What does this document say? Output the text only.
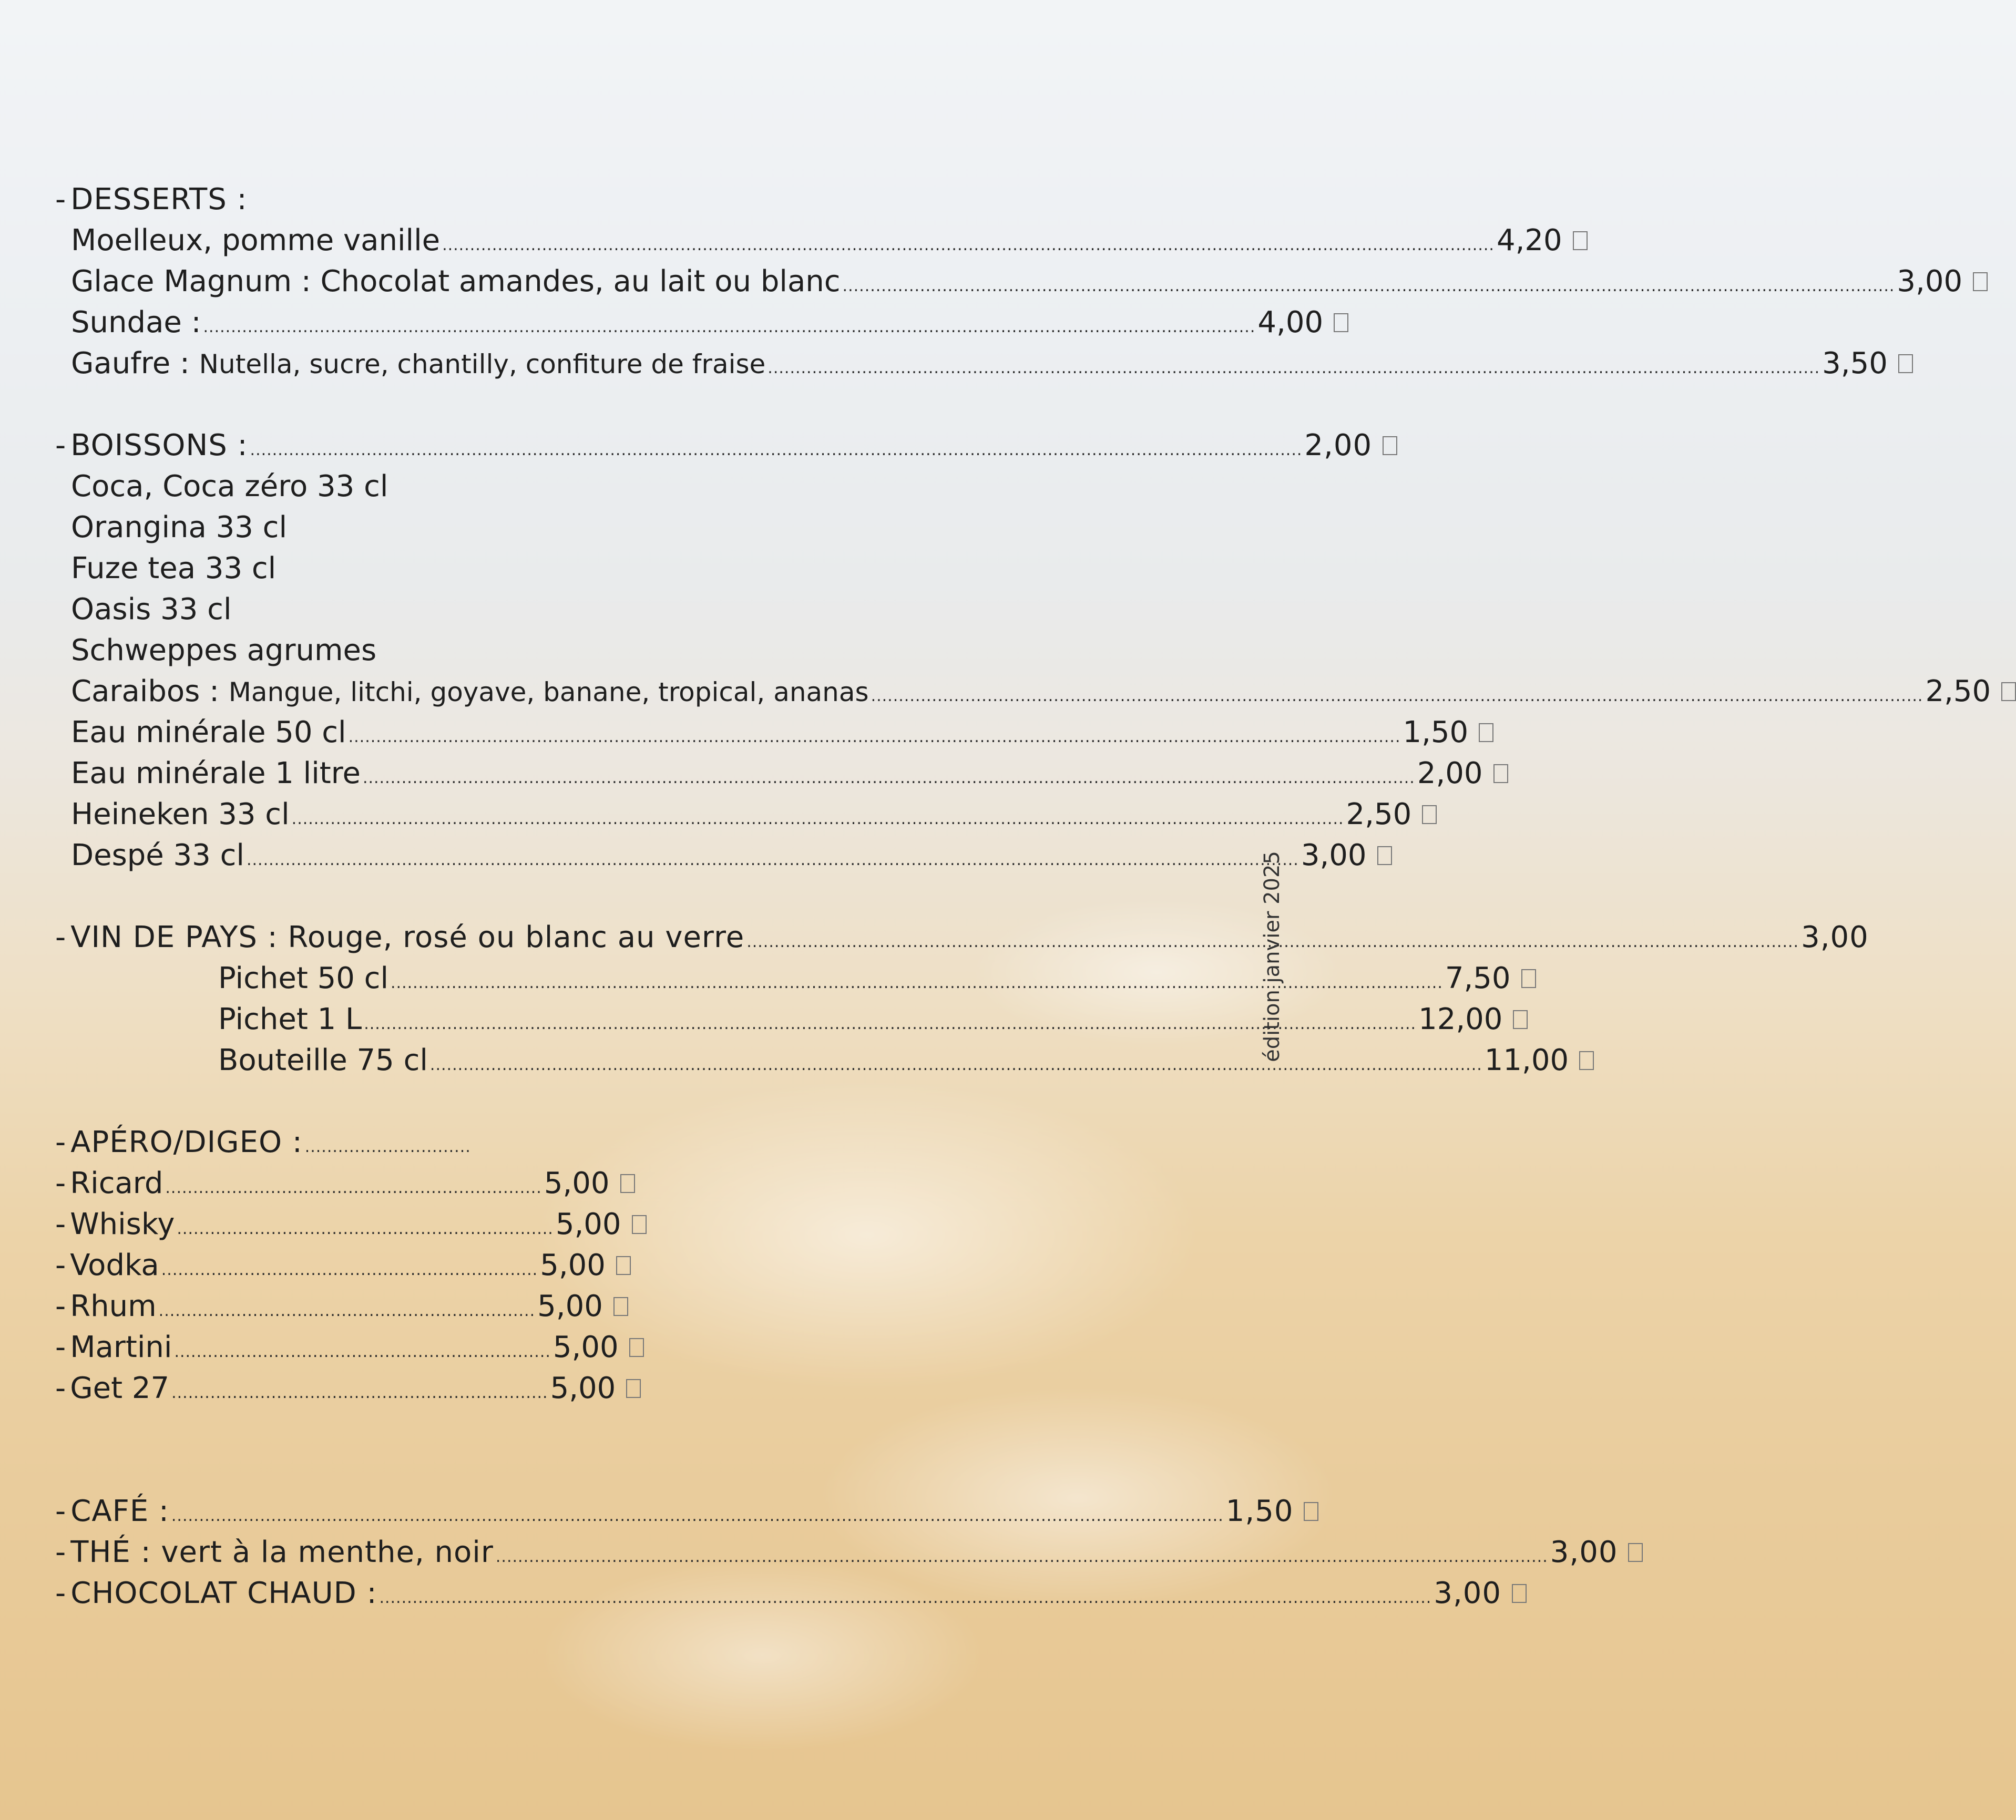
- DESSERTS :
Moelleux, pomme vanille .............................................................................................................................................................................................. 4,20
Glace Magnum : Chocolat amandes, au lait ou blanc .............................................................................................................................................................................................. 3,00
Sundae : .............................................................................................................................................................................................. 4,00
Gaufre :
Nutella, sucre, chantilly, confiture de fraise .............................................................................................................................................................................................. 3,50
- BOISSONS : .............................................................................................................................................................................................. 2,00
Coca, Coca zéro 33 cl
Orangina 33 cl
Fuze tea 33 cl
Oasis 33 cl
Schweppes agrumes
Caraibos :
Mangue, litchi, goyave, banane, tropical, ananas .............................................................................................................................................................................................. 2,50
Eau minérale 50 cl .............................................................................................................................................................................................. 1,50
Eau minérale 1 litre .............................................................................................................................................................................................. 2,00
Heineken 33 cl .............................................................................................................................................................................................. 2,50
Despé 33 cl .............................................................................................................................................................................................. 3,00
- VIN DE PAYS :
Rouge, rosé ou blanc au verre .............................................................................................................................................................................................. 3,00
Pichet 50 cl .............................................................................................................................................................................................. 7,50
Pichet 1 L .............................................................................................................................................................................................. 12,00
Bouteille 75 cl .............................................................................................................................................................................................. 11,00
- APÉRO/DIGEO : ..............................
- Ricard .................................................................... 5,00
- Whisky .................................................................... 5,00
- Vodka .................................................................... 5,00
- Rhum .................................................................... 5,00
- Martini .................................................................... 5,00
- Get 27 .................................................................... 5,00
- CAFÉ : .............................................................................................................................................................................................. 1,50
- THÉ : vert à la menthe, noir .............................................................................................................................................................................................. 3,00
- CHOCOLAT CHAUD : .............................................................................................................................................................................................. 3,00
édition janvier 2025
